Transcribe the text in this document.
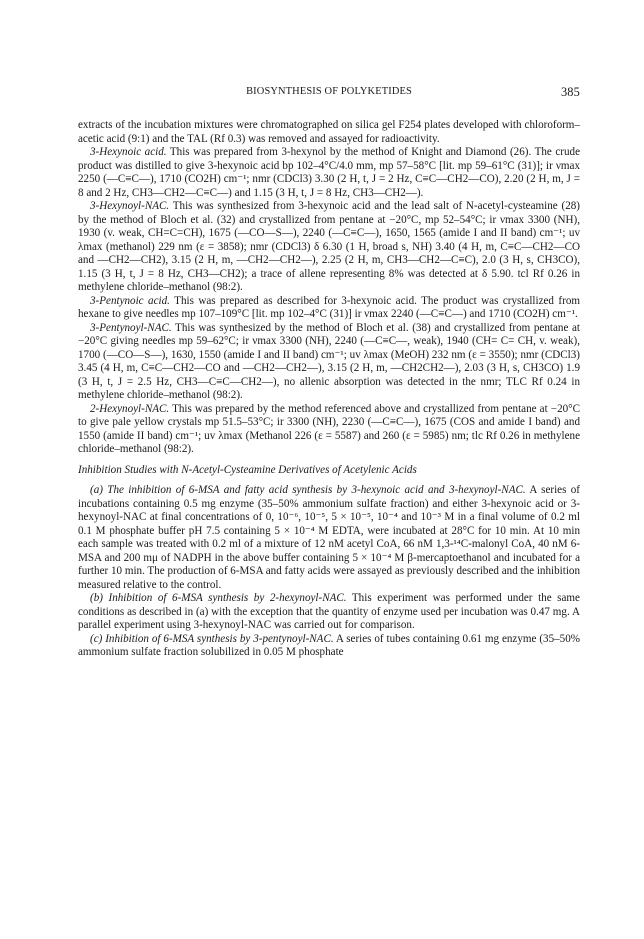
BIOSYNTHESIS OF POLYKETIDES	385

extracts of the incubation mixtures were chromatographed on silica gel F254 plates developed with chloroform–acetic acid (9:1) and the TAL (Rf 0.3) was removed and assayed for radioactivity.

3-Hexynoic acid. This was prepared from 3-hexynol by the method of Knight and Diamond (26). The crude product was distilled to give 3-hexynoic acid bp 102–4°C/4.0 mm, mp 57–58°C [lit. mp 59–61°C (31)]; ir νmax 2250 (—C≡C—), 1710 (CO2H) cm⁻¹; nmr (CDCl3) 3.30 (2 H, t, J = 2 Hz, C≡C—CH2—CO), 2.20 (2 H, m, J = 8 and 2 Hz, CH3—CH2—C≡C—) and 1.15 (3 H, t, J = 8 Hz, CH3—CH2—).

3-Hexynoyl-NAC. This was synthesized from 3-hexynoic acid and the lead salt of N-acetyl-cysteamine (28) by the method of Bloch et al. (32) and crystallized from pentane at −20°C, mp 52–54°C; ir νmax 3300 (NH), 1930 (v. weak, CH=C=CH), 1675 (—CO—S—), 2240 (—C≡C—), 1650, 1565 (amide I and II band) cm⁻¹; uv λmax (methanol) 229 nm (ε = 3858); nmr (CDCl3) δ 6.30 (1 H, broad s, NH) 3.40 (4 H, m, C≡C—CH2—CO and —CH2—CH2), 3.15 (2 H, m, —CH2—CH2—), 2.25 (2 H, m, CH3—CH2—C≡C), 2.0 (3 H, s, CH3CO), 1.15 (3 H, t, J = 8 Hz, CH3—CH2); a trace of allene representing 8% was detected at δ 5.90. tcl Rf 0.26 in methylene chloride–methanol (98:2).

3-Pentynoic acid. This was prepared as described for 3-hexynoic acid. The product was crystallized from hexane to give needles mp 107–109°C [lit. mp 102–4°C (31)] ir νmax 2240 (—C≡C—) and 1710 (CO2H) cm⁻¹.

3-Pentynoyl-NAC. This was synthesized by the method of Bloch et al. (38) and crystallized from pentane at −20°C giving needles mp 59–62°C; ir νmax 3300 (NH), 2240 (—C≡C—, weak), 1940 (CH= C= CH, v. weak), 1700 (—CO—S—), 1630, 1550 (amide I and II band) cm⁻¹; uv λmax (MeOH) 232 nm (ε = 3550); nmr (CDCl3) 3.45 (4 H, m, C≡C—CH2—CO and —CH2—CH2—), 3.15 (2 H, m, —CH2CH2—), 2.03 (3 H, s, CH3CO) 1.9 (3 H, t, J = 2.5 Hz, CH3—C≡C—CH2—), no allenic absorption was detected in the nmr; TLC Rf 0.24 in methylene chloride–methanol (98:2).

2-Hexynoyl-NAC. This was prepared by the method referenced above and crystallized from pentane at −20°C to give pale yellow crystals mp 51.5–53°C; ir 3300 (NH), 2230 (—C≡C—), 1675 (COS and amide I band) and 1550 (amide II band) cm⁻¹; uv λmax (Methanol 226 (ε = 5587) and 260 (ε = 5985) nm; tlc Rf 0.26 in methylene chloride–methanol (98:2).

Inhibition Studies with N-Acetyl-Cysteamine Derivatives of Acetylenic Acids

(a) The inhibition of 6-MSA and fatty acid synthesis by 3-hexynoic acid and 3-hexynoyl-NAC. A series of incubations containing 0.5 mg enzyme (35–50% ammonium sulfate fraction) and either 3-hexynoic acid or 3-hexynoyl-NAC at final concentrations of 0, 10⁻⁶, 10⁻⁵, 5 × 10⁻⁵, 10⁻⁴ and 10⁻³ M in a final volume of 0.2 ml 0.1 M phosphate buffer pH 7.5 containing 5 × 10⁻⁴ M EDTA, were incubated at 28°C for 10 min. At 10 min each sample was treated with 0.2 ml of a mixture of 12 nM acetyl CoA, 66 nM 1,3-¹⁴C-malonyl CoA, 40 nM 6-MSA and 200 mμ of NADPH in the above buffer containing 5 × 10⁻⁴ M β-mercaptoethanol and incubated for a further 10 min. The production of 6-MSA and fatty acids were assayed as previously described and the inhibition measured relative to the control.

(b) Inhibition of 6-MSA synthesis by 2-hexynoyl-NAC. This experiment was performed under the same conditions as described in (a) with the exception that the quantity of enzyme used per incubation was 0.47 mg. A parallel experiment using 3-hexynoyl-NAC was carried out for comparison.

(c) Inhibition of 6-MSA synthesis by 3-pentynoyl-NAC. A series of tubes containing 0.61 mg enzyme (35–50% ammonium sulfate fraction solubilized in 0.05 M phosphate
